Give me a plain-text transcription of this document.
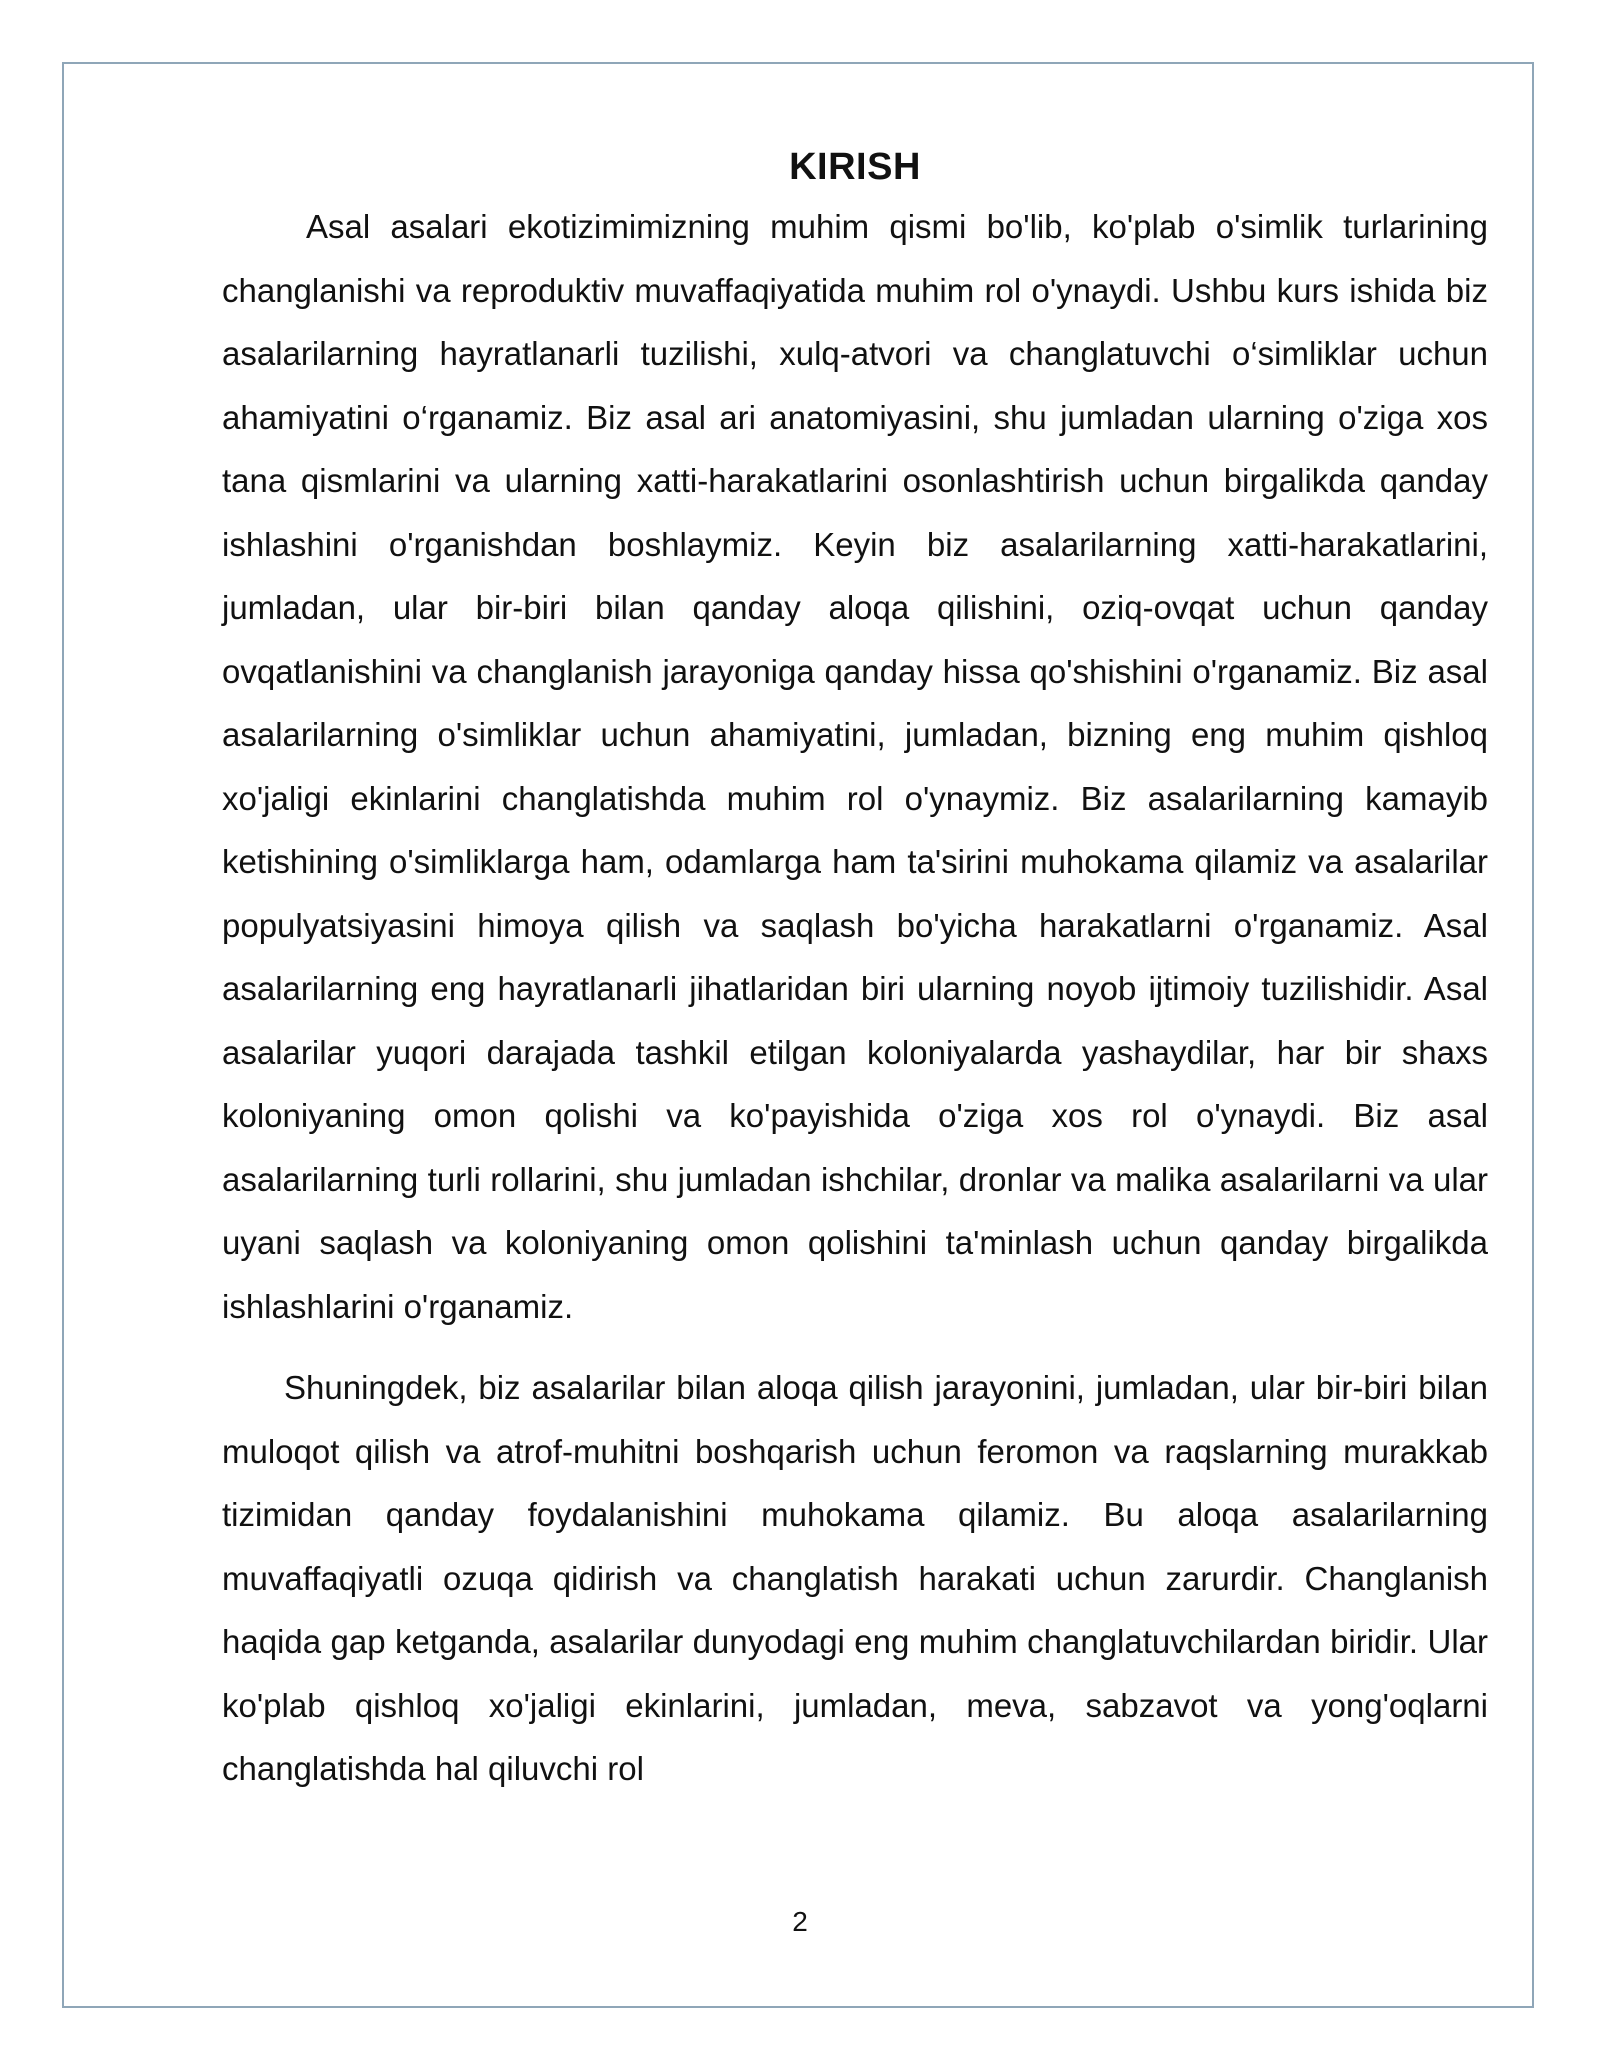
KIRISH

Asal asalari ekotizimimizning muhim qismi bo'lib, ko'plab o'simlik turlarining changlanishi va reproduktiv muvaffaqiyatida muhim rol o'ynaydi. Ushbu kurs ishida biz asalarilarning hayratlanarli tuzilishi, xulq-atvori va changlatuvchi o‘simliklar uchun ahamiyatini o‘rganamiz. Biz asal ari anatomiyasini, shu jumladan ularning o'ziga xos tana qismlarini va ularning xatti-harakatlarini osonlashtirish uchun birgalikda qanday ishlashini o'rganishdan boshlaymiz. Keyin biz asalarilarning xatti-harakatlarini, jumladan, ular bir-biri bilan qanday aloqa qilishini, oziq-ovqat uchun qanday ovqatlanishini va changlanish jarayoniga qanday hissa qo'shishini o'rganamiz. Biz asal asalarilarning o'simliklar uchun ahamiyatini, jumladan, bizning eng muhim qishloq xo'jaligi ekinlarini changlatishda muhim rol o'ynaymiz. Biz asalarilarning kamayib ketishining o'simliklarga ham, odamlarga ham ta'sirini muhokama qilamiz va asalarilar populyatsiyasini himoya qilish va saqlash bo'yicha harakatlarni o'rganamiz. Asal asalarilarning eng hayratlanarli jihatlaridan biri ularning noyob ijtimoiy tuzilishidir. Asal asalarilar yuqori darajada tashkil etilgan koloniyalarda yashaydilar, har bir shaxs koloniyaning omon qolishi va ko'payishida o'ziga xos rol o'ynaydi. Biz asal asalarilarning turli rollarini, shu jumladan ishchilar, dronlar va malika asalarilarni va ular uyani saqlash va koloniyaning omon qolishini ta'minlash uchun qanday birgalikda ishlashlarini o'rganamiz.

Shuningdek, biz asalarilar bilan aloqa qilish jarayonini, jumladan, ular bir-biri bilan muloqot qilish va atrof-muhitni boshqarish uchun feromon va raqslarning murakkab tizimidan qanday foydalanishini muhokama qilamiz. Bu aloqa asalarilarning muvaffaqiyatli ozuqa qidirish va changlatish harakati uchun zarurdir. Changlanish haqida gap ketganda, asalarilar dunyodagi eng muhim changlatuvchilardan biridir. Ular ko'plab qishloq xo'jaligi ekinlarini, jumladan, meva, sabzavot va yong'oqlarni changlatishda hal qiluvchi rol

2
